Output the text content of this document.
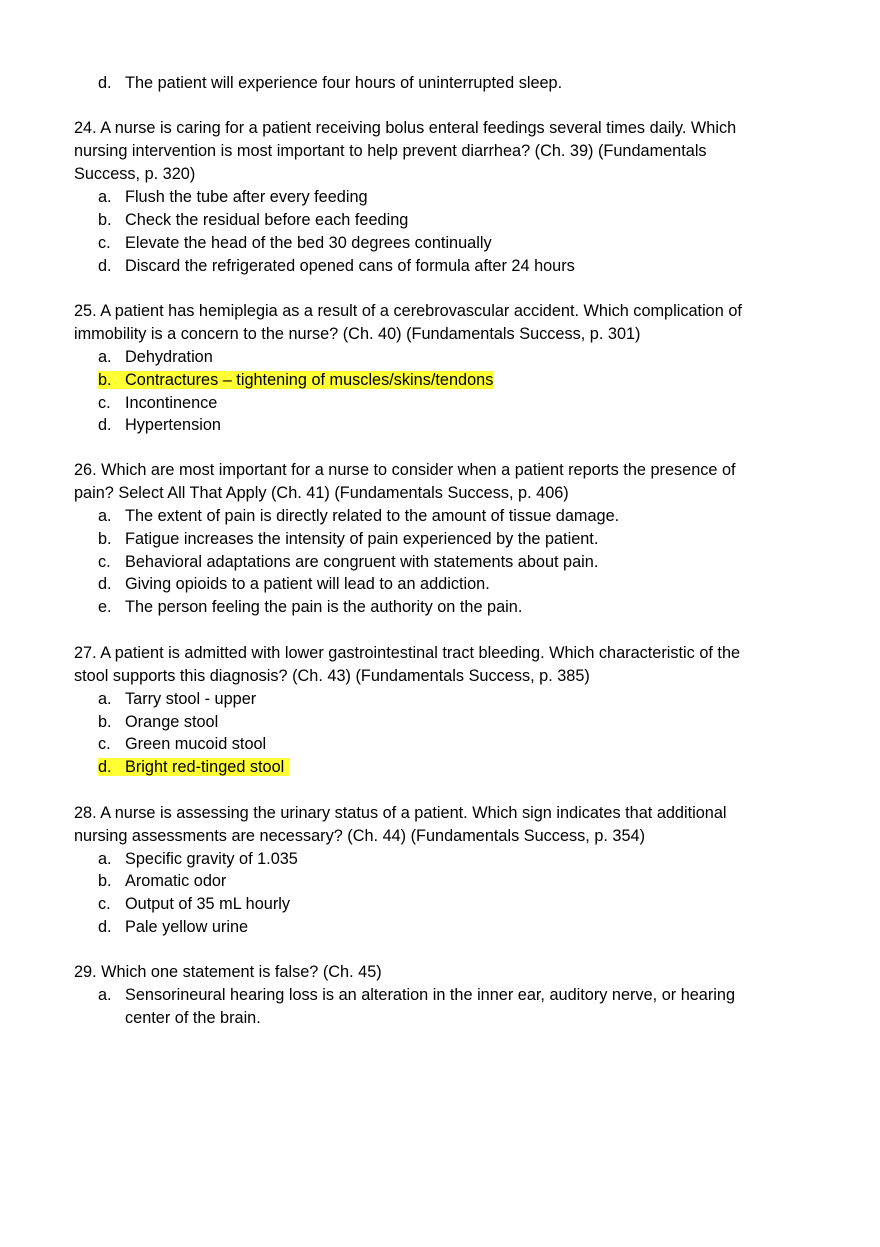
d. The patient will experience four hours of uninterrupted sleep.
24. A nurse is caring for a patient receiving bolus enteral feedings several times daily. Which
nursing intervention is most important to help prevent diarrhea? (Ch. 39) (Fundamentals
Success, p. 320)
a. Flush the tube after every feeding
b. Check the residual before each feeding
c. Elevate the head of the bed 30 degrees continually
d. Discard the refrigerated opened cans of formula after 24 hours
25. A patient has hemiplegia as a result of a cerebrovascular accident. Which complication of
immobility is a concern to the nurse? (Ch. 40) (Fundamentals Success, p. 301)
a. Dehydration
b. Contractures – tightening of muscles/skins/tendons
c. Incontinence
d. Hypertension
26. Which are most important for a nurse to consider when a patient reports the presence of
pain? Select All That Apply (Ch. 41) (Fundamentals Success, p. 406)
a. The extent of pain is directly related to the amount of tissue damage.
b. Fatigue increases the intensity of pain experienced by the patient.
c. Behavioral adaptations are congruent with statements about pain.
d. Giving opioids to a patient will lead to an addiction.
e. The person feeling the pain is the authority on the pain.
27. A patient is admitted with lower gastrointestinal tract bleeding. Which characteristic of the
stool supports this diagnosis? (Ch. 43) (Fundamentals Success, p. 385)
a. Tarry stool - upper
b. Orange stool
c. Green mucoid stool
d. Bright red-tinged stool
28. A nurse is assessing the urinary status of a patient. Which sign indicates that additional
nursing assessments are necessary? (Ch. 44) (Fundamentals Success, p. 354)
a. Specific gravity of 1.035
b. Aromatic odor
c. Output of 35 mL hourly
d. Pale yellow urine
29. Which one statement is false? (Ch. 45)
a. Sensorineural hearing loss is an alteration in the inner ear, auditory nerve, or hearing
center of the brain.
